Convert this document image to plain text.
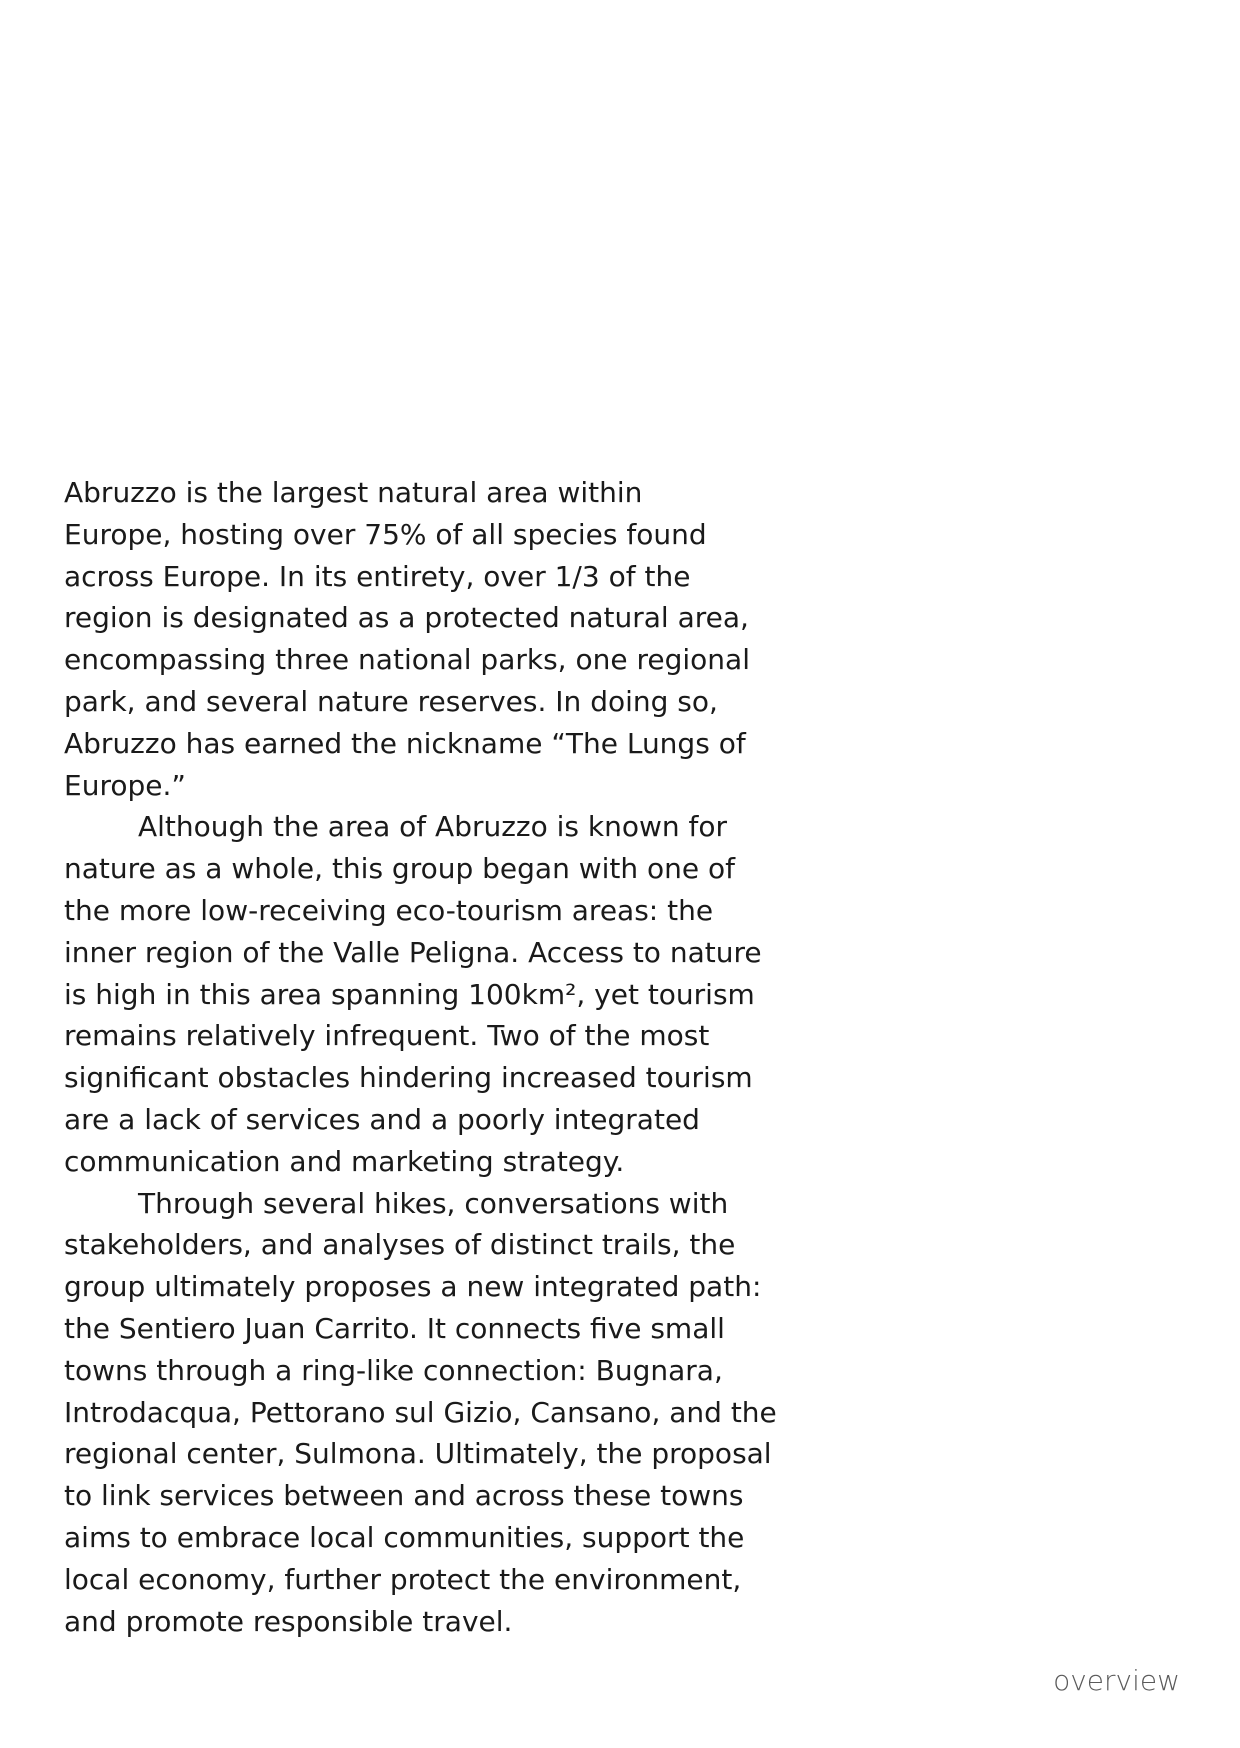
Abruzzo is the largest natural area within
Europe, hosting over 75% of all species found
across Europe. In its entirety, over 1/3 of the
region is designated as a protected natural area,
encompassing three national parks, one regional
park, and several nature reserves. In doing so,
Abruzzo has earned the nickname “The Lungs of
Europe.”
Although the area of Abruzzo is known for
nature as a whole, this group began with one of
the more low-receiving eco-tourism areas: the
inner region of the Valle Peligna. Access to nature
is high in this area spanning 100km², yet tourism
remains relatively infrequent. Two of the most
significant obstacles hindering increased tourism
are a lack of services and a poorly integrated
communication and marketing strategy.
Through several hikes, conversations with
stakeholders, and analyses of distinct trails, the
group ultimately proposes a new integrated path:
the Sentiero Juan Carrito. It connects five small
towns through a ring-like connection: Bugnara,
Introdacqua, Pettorano sul Gizio, Cansano, and the
regional center, Sulmona. Ultimately, the proposal
to link services between and across these towns
aims to embrace local communities, support the
local economy, further protect the environment,
and promote responsible travel.
overview
